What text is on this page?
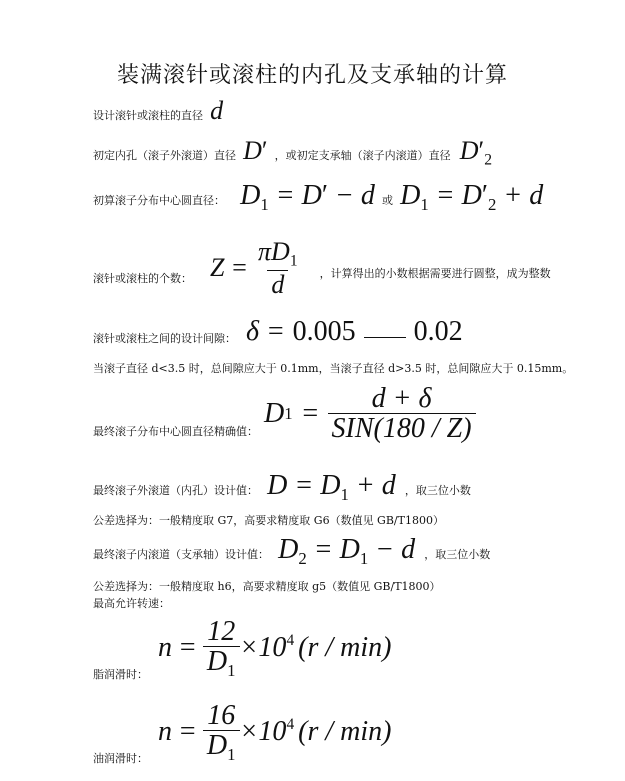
装满滚针或滚柱的内孔及支承轴的计算
设计滚针或滚柱的直径 d
初定内孔（滚子外滚道）直径 D′ ，或初定支承轴（滚子内滚道）直径 $D'_2$
初算滚子分布中心圆直径： $D_1 = D' - d$ 或 $D_1 = D'_2 + d$
滚针或滚柱的个数： $Z = \frac{\pi D_1}{d}$ ，计算得出的小数根据需要进行圆整，成为整数
滚针或滚柱之间的设计间隙： δ = 0.005 0.02
当滚子直径 d<3.5 时，总间隙应大于 0.1mm，当滚子直径 d>3.5 时，总间隙应大于 0.15mm。
最终滚子分布中心圆直径精确值：
D $1 = \frac{d + \delta}{\text{SIN(180 / Z)}}$
最终滚子外滚道（内孔）设计值： $D = D_1 + d$ ，取三位小数
公差选择为：一般精度取 G7，高要求精度取 G6（数值见 GB/T1800）
最终滚子内滚道（支承轴）设计值： $D_2 = D_1 - d$ ，取三位小数
公差选择为：一般精度取 h6，高要求精度取 g5（数值见 GB/T1800）
最高允许转速：
脂润滑时：
$n = \frac{12}{D_1} \times 10^4$ (r / min)
油润滑时：
$n = \frac{16}{D_1} \times 10^4$ (r / min)
